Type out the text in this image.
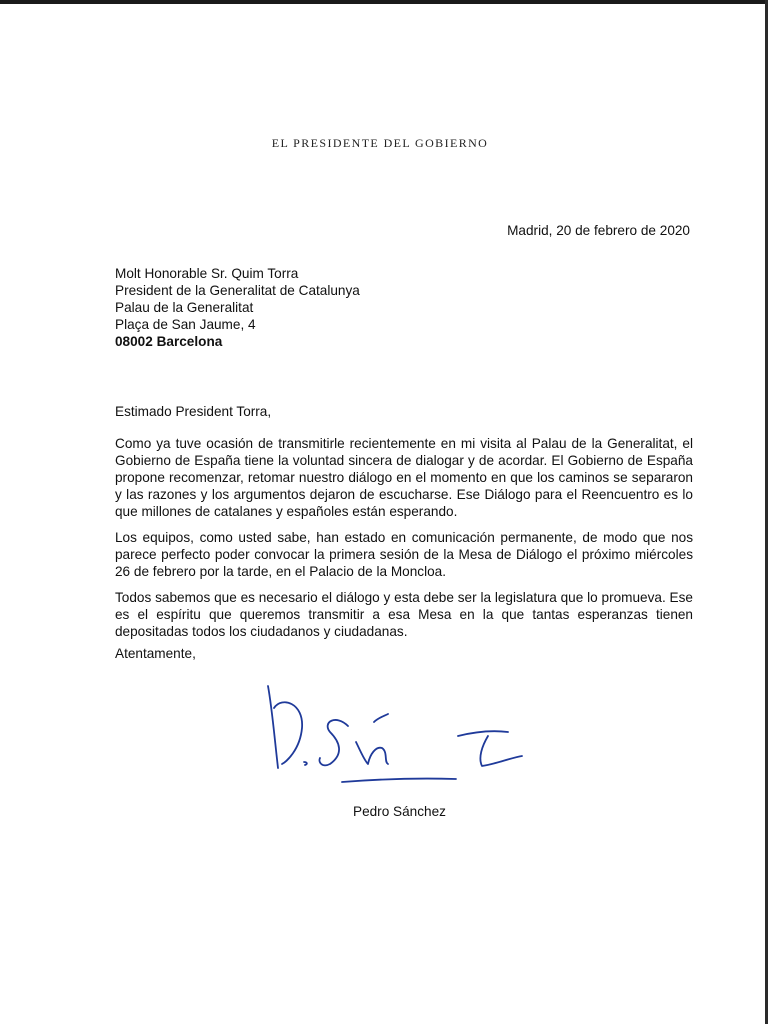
EL PRESIDENTE DEL GOBIERNO
Madrid, 20 de febrero de 2020
Molt Honorable Sr. Quim Torra
President de la Generalitat de Catalunya
Palau de la Generalitat
Plaça de San Jaume, 4
08002 Barcelona
Estimado President Torra,

Como ya tuve ocasión de transmitirle recientemente en mi visita al Palau de la Generalitat, el Gobierno de España tiene la voluntad sincera de dialogar y de acordar. El Gobierno de España propone recomenzar, retomar nuestro diálogo en el momento en que los caminos se separaron y las razones y los argumentos dejaron de escucharse. Ese Diálogo para el Reencuentro es lo que millones de catalanes y españoles están esperando.

Los equipos, como usted sabe, han estado en comunicación permanente, de modo que nos parece perfecto poder convocar la primera sesión de la Mesa de Diálogo el próximo miércoles 26 de febrero por la tarde, en el Palacio de la Moncloa.

Todos sabemos que es necesario el diálogo y esta debe ser la legislatura que lo promueva. Ese es el espíritu que queremos transmitir a esa Mesa en la que tantas esperanzas tienen depositadas todos los ciudadanos y ciudadanas.

Atentamente,
Pedro Sánchez
